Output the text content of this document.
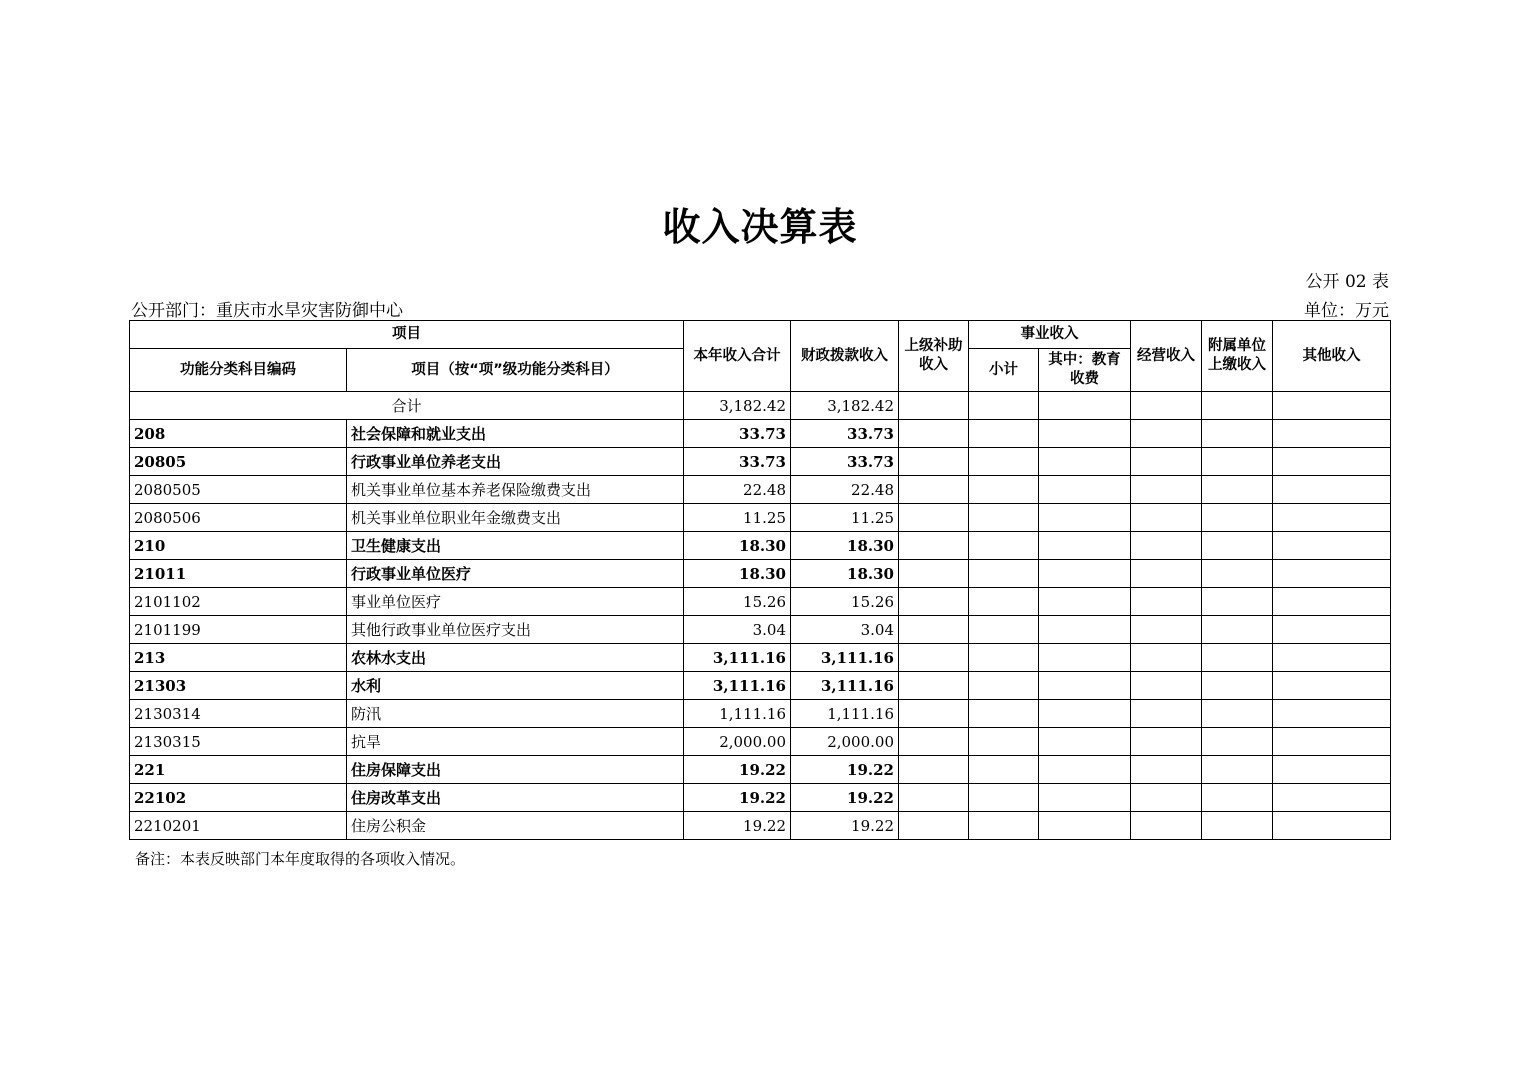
收入决算表
公开 02 表
公开部门：重庆市水旱灾害防御中心	单位：万元
项目		本年收入合计	财政拨款收入	上级补助收入	事业收入		经营收入	附属单位上缴收入	其他收入
功能分类科目编码	项目（按“项”级功能分类科目）				小计	其中：教育收费			
合计		3,182.42	3,182.42						
208	社会保障和就业支出	33.73	33.73						
20805	行政事业单位养老支出	33.73	33.73						
2080505	机关事业单位基本养老保险缴费支出	22.48	22.48						
2080506	机关事业单位职业年金缴费支出	11.25	11.25						
210	卫生健康支出	18.30	18.30						
21011	行政事业单位医疗	18.30	18.30						
2101102	事业单位医疗	15.26	15.26						
2101199	其他行政事业单位医疗支出	3.04	3.04						
213	农林水支出	3,111.16	3,111.16						
21303	水利	3,111.16	3,111.16						
2130314	防汛	1,111.16	1,111.16						
2130315	抗旱	2,000.00	2,000.00						
221	住房保障支出	19.22	19.22						
22102	住房改革支出	19.22	19.22						
2210201	住房公积金	19.22	19.22						
备注：本表反映部门本年度取得的各项收入情况。
